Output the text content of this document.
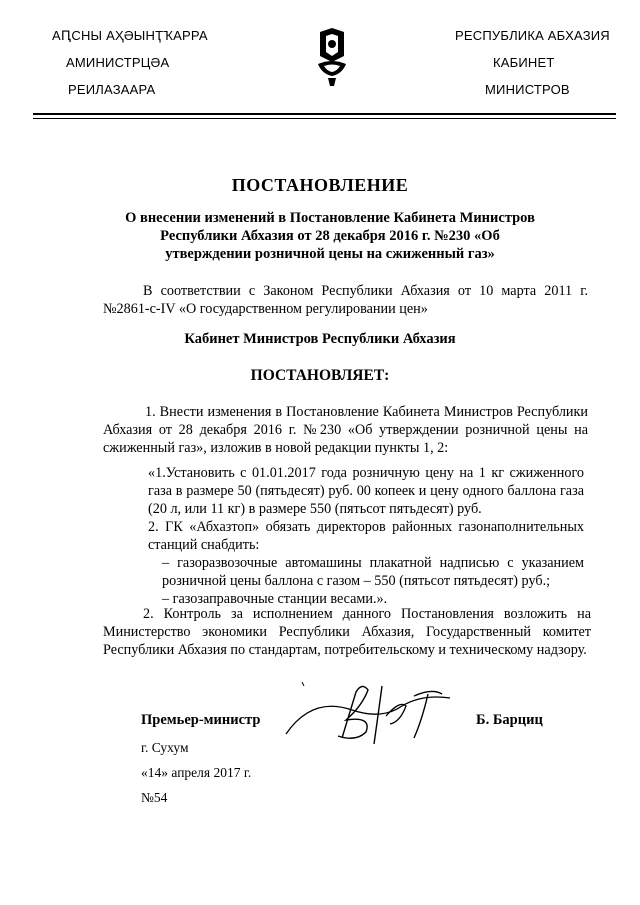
АԤСНЫ АҲӘЫНҬҠАРРА
АМИНИСТРЦӘА
РЕИЛАЗААРА
РЕСПУБЛИКА АБХАЗИЯ
КАБИНЕТ
МИНИСТРОВ
ПОСТАНОВЛЕНИЕ
О внесении изменений в Постановление Кабинета Министров Республики Абхазия от 28 декабря 2016 г. №230 «Об утверждении розничной цены на сжиженный газ»
В соответствии с Законом Республики Абхазия от 10 марта 2011 г. №2861-с-IV «О государственном регулировании цен»
Кабинет Министров Республики Абхазия
ПОСТАНОВЛЯЕТ:
1. Внести изменения в Постановление Кабинета Министров Республики Абхазия от 28 декабря 2016 г. №230 «Об утверждении розничной цены на сжиженный газ», изложив в новой редакции пункты 1, 2:
«1.Установить с 01.01.2017 года розничную цену на 1 кг сжиженного газа в размере 50 (пятьдесят) руб. 00 копеек и цену одного баллона газа (20 л, или 11 кг) в размере 550 (пятьсот пятьдесят) руб.
2. ГК «Абхазтоп» обязать директоров районных газонаполнительных станций снабдить:
– газоразвозочные автомашины плакатной надписью с указанием розничной цены баллона с газом – 550 (пятьсот пятьдесят) руб.;
– газозаправочные станции весами.».
2. Контроль за исполнением данного Постановления возложить на Министерство экономики Республики Абхазия, Государственный комитет Республики Абхазия по стандартам, потребительскому и техническому надзору.
Премьер-министр	Б. Барциц
г. Сухум
«14» апреля 2017 г.
№54
